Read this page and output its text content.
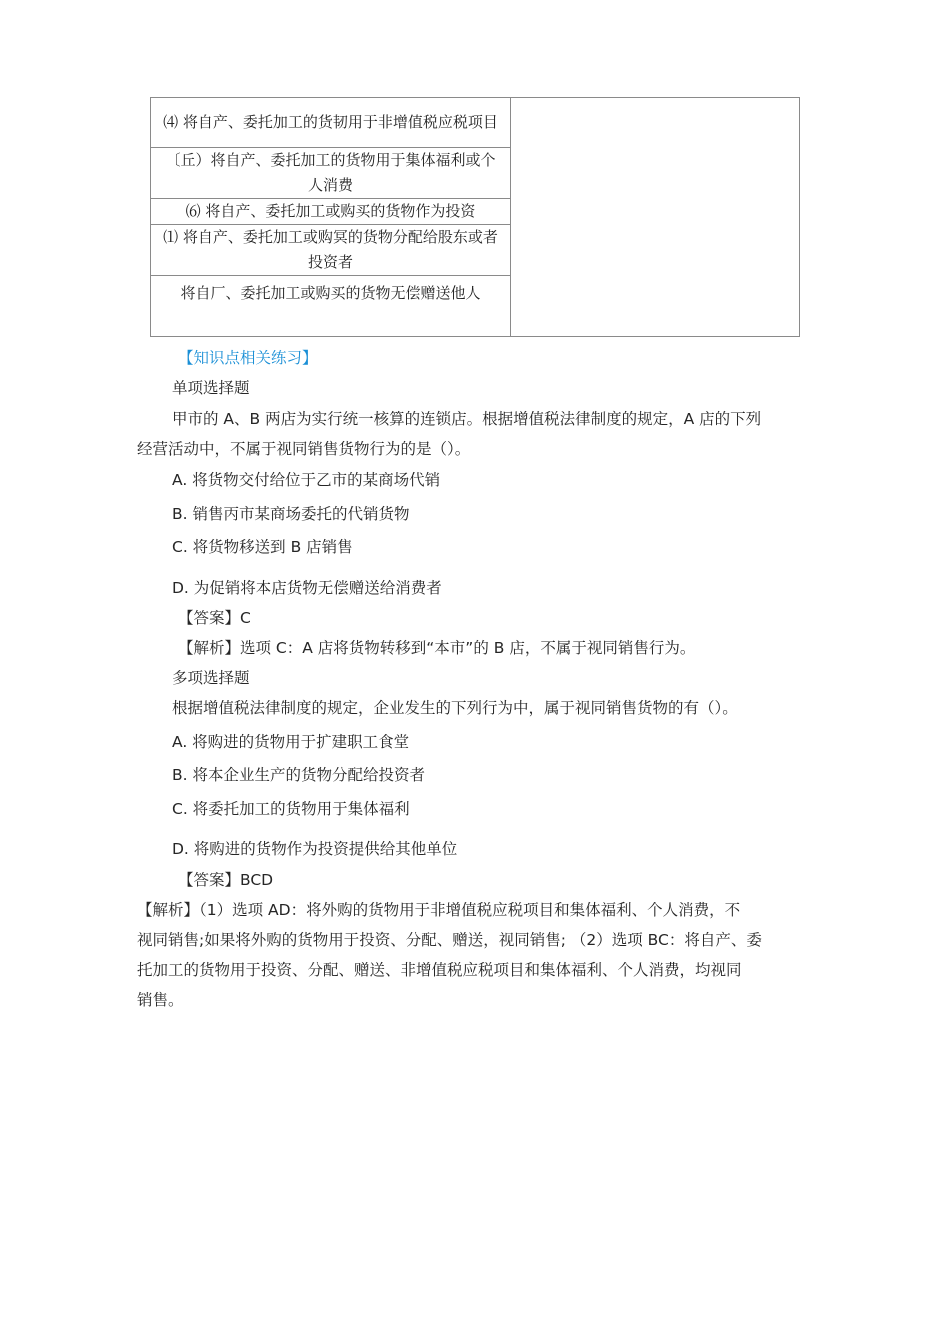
⑷ 将自产、委托加工的货韧用于非增值税应税项目

〔丘）将自产、委托加工的货物用于集体福利或个人消费

⑹ 将自产、委托加工或购买的货物作为投资

⑴ 将自产、委托加工或购冥的货物分配给股东或者投资者

将自厂、委托加工或购买的货物无偿赠送他人
【知识点相关练习】
单项选择题
甲市的 A、B 两店为实行统一核算的连锁店。根据增值税法律制度的规定，A 店的下列
经营活动中，不属于视同销售货物行为的是（）。
A. 将货物交付给位于乙市的某商场代销
B. 销售丙市某商场委托的代销货物
C. 将货物移送到 B 店销售
D. 为促销将本店货物无偿赠送给消费者
【答案】C
【解析】选项 C：A 店将货物转移到“本市”的 B 店，不属于视同销售行为。
多项选择题
根据增值税法律制度的规定，企业发生的下列行为中，属于视同销售货物的有（）。
A. 将购进的货物用于扩建职工食堂
B. 将本企业生产的货物分配给投资者
C. 将委托加工的货物用于集体福利
D. 将购进的货物作为投资提供给其他单位
【答案】BCD
【解析】（1）选项 AD：将外购的货物用于非增值税应税项目和集体福利、个人消费，不
视同销售;如果将外购的货物用于投资、分配、赠送，视同销售; （2）选项 BC：将自产、委
托加工的货物用于投资、分配、赠送、非增值税应税项目和集体福利、个人消费，均视同
销售。
